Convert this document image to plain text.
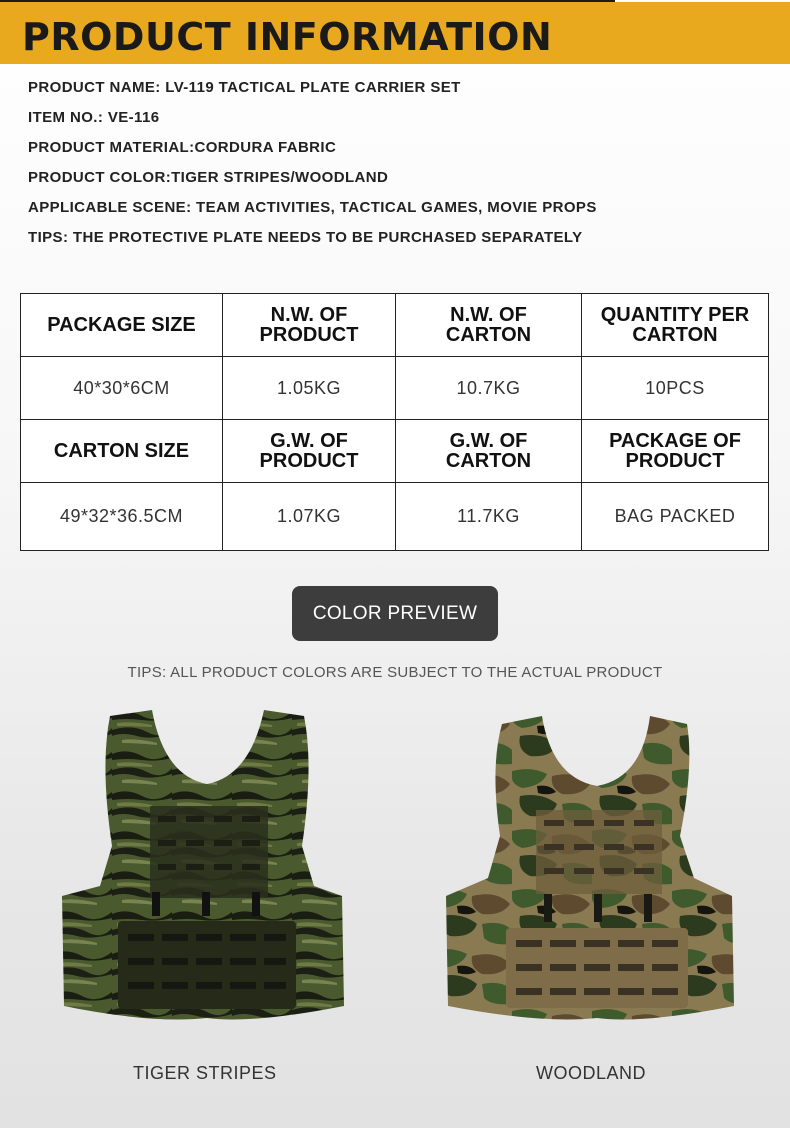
PRODUCT INFORMATION
PRODUCT NAME: LV-119 TACTICAL PLATE CARRIER SET
ITEM NO.: VE-116
PRODUCT MATERIAL:CORDURA FABRIC
PRODUCT COLOR:TIGER STRIPES/WOODLAND
APPLICABLE SCENE: TEAM ACTIVITIES, TACTICAL GAMES, MOVIE PROPS
TIPS: THE PROTECTIVE PLATE NEEDS TO BE PURCHASED SEPARATELY
PACKAGE SIZE	N.W. OF PRODUCT	N.W. OF CARTON	QUANTITY PER CARTON
40*30*6CM	1.05KG	10.7KG	10PCS
CARTON SIZE	G.W. OF PRODUCT	G.W. OF CARTON	PACKAGE OF PRODUCT
49*32*36.5CM	1.07KG	11.7KG	BAG PACKED
COLOR PREVIEW
TIPS: ALL PRODUCT COLORS ARE SUBJECT TO THE ACTUAL PRODUCT
TIGER STRIPES	WOODLAND
